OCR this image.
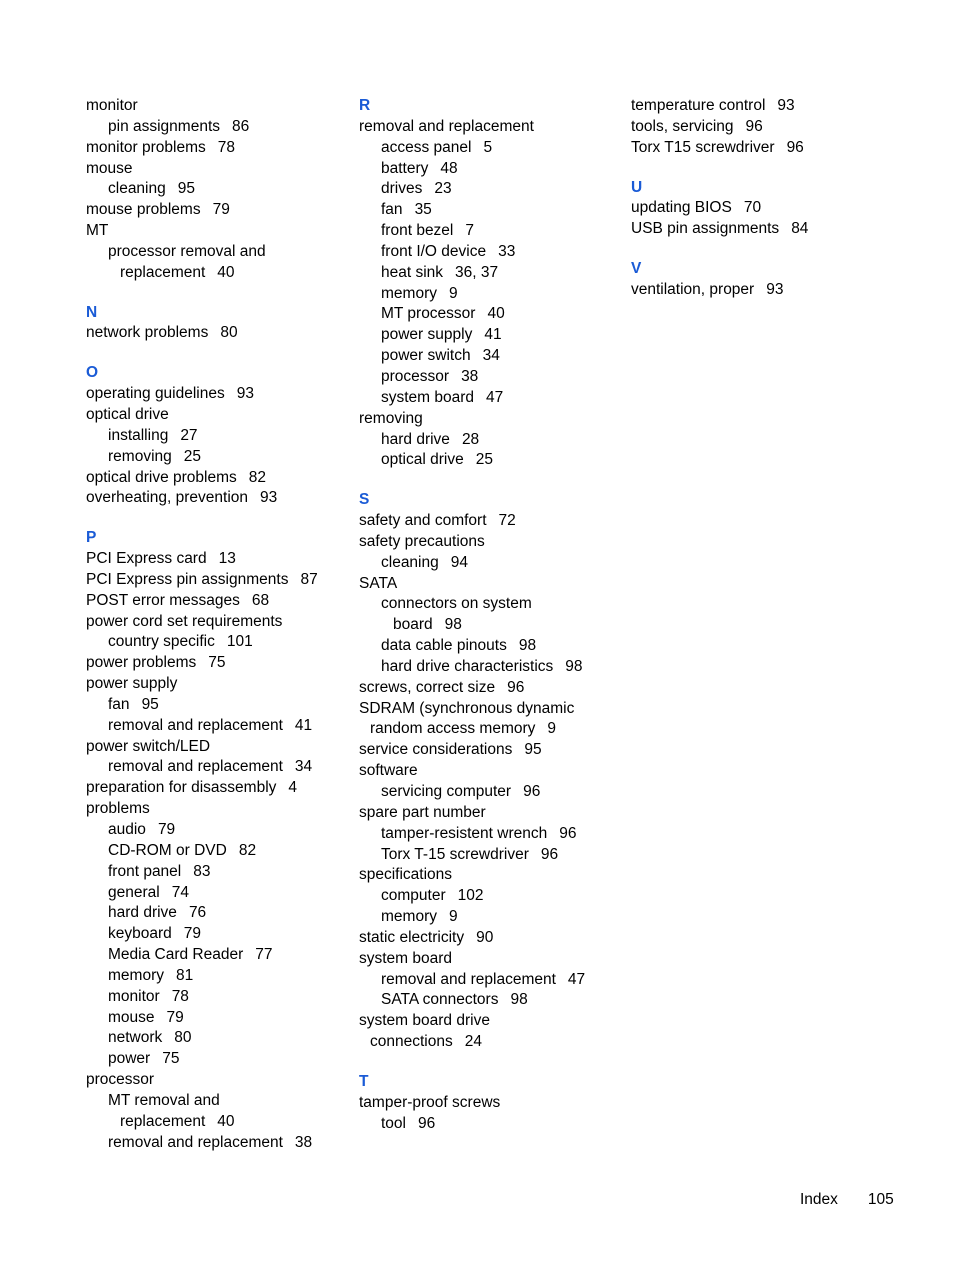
monitor
pin assignments 86
monitor problems 78
mouse
cleaning 95
mouse problems 79
MT
processor removal and
replacement 40
N
network problems 80
O
operating guidelines 93
optical drive
installing 27
removing 25
optical drive problems 82
overheating, prevention 93
P
PCI Express card 13
PCI Express pin assignments 87
POST error messages 68
power cord set requirements
country specific 101
power problems 75
power supply
fan 95
removal and replacement 41
power switch/LED
removal and replacement 34
preparation for disassembly 4
problems
audio 79
CD-ROM or DVD 82
front panel 83
general 74
hard drive 76
keyboard 79
Media Card Reader 77
memory 81
monitor 78
mouse 79
network 80
power 75
processor
MT removal and
replacement 40
removal and replacement 38
R
removal and replacement
access panel 5
battery 48
drives 23
fan 35
front bezel 7
front I/O device 33
heat sink 36, 37
memory 9
MT processor 40
power supply 41
power switch 34
processor 38
system board 47
removing
hard drive 28
optical drive 25
S
safety and comfort 72
safety precautions
cleaning 94
SATA
connectors on system
board 98
data cable pinouts 98
hard drive characteristics 98
screws, correct size 96
SDRAM (synchronous dynamic
random access memory 9
service considerations 95
software
servicing computer 96
spare part number
tamper-resistent wrench 96
Torx T-15 screwdriver 96
specifications
computer 102
memory 9
static electricity 90
system board
removal and replacement 47
SATA connectors 98
system board drive
connections 24
T
tamper-proof screws
tool 96
temperature control 93
tools, servicing 96
Torx T15 screwdriver 96
U
updating BIOS 70
USB pin assignments 84
V
ventilation, proper 93
Index 105
